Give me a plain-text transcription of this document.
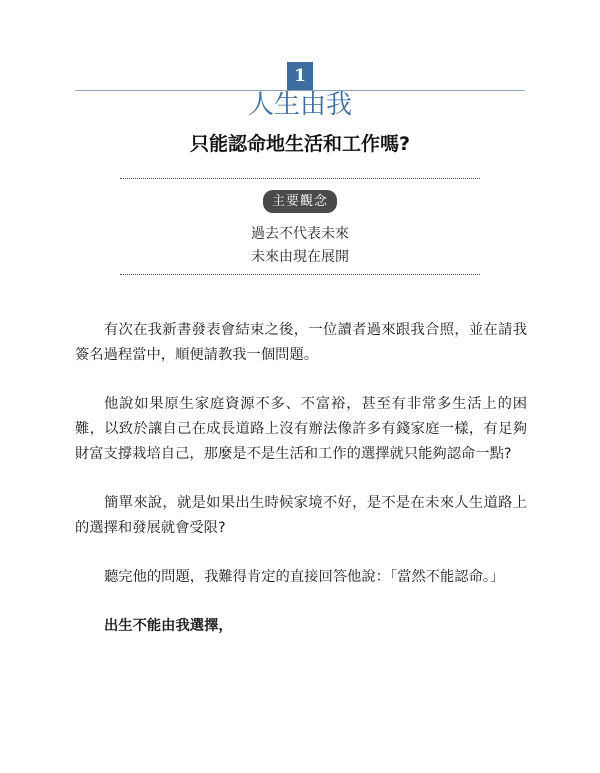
1
人生由我
只能認命地生活和工作嗎?
主要觀念
過去不代表未來
未來由現在展開

有次在我新書發表會結束之後，一位讀者過來跟我合照，並在請我簽名過程當中，順便請教我一個問題。

他說如果原生家庭資源不多、不富裕，甚至有非常多生活上的困難，以致於讓自己在成長道路上沒有辦法像許多有錢家庭一樣，有足夠財富支撐栽培自己，那麼是不是生活和工作的選擇就只能夠認命一點?

簡單來說，就是如果出生時候家境不好，是不是在未來人生道路上的選擇和發展就會受限?

聽完他的問題，我難得肯定的直接回答他說：「當然不能認命。」

出生不能由我選擇，
